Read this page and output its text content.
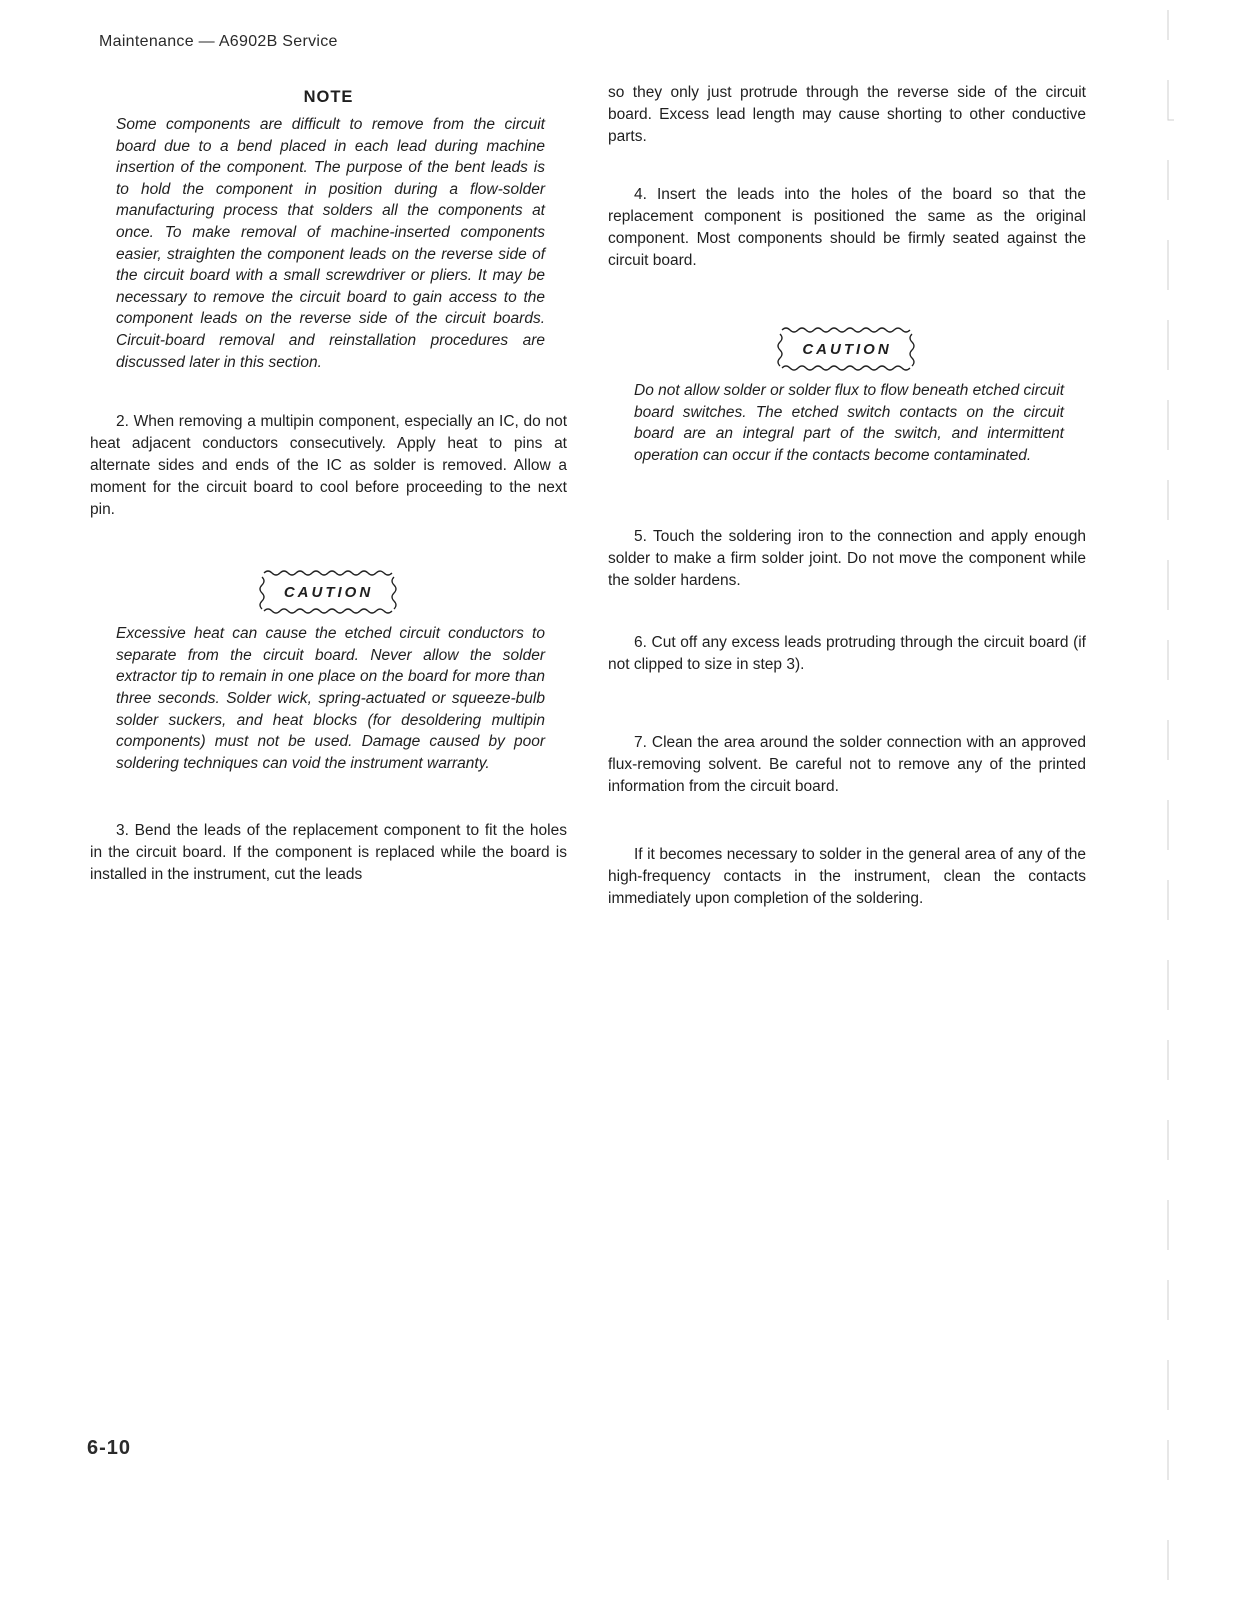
Maintenance — A6902B Service
NOTE

Some components are difficult to remove from the circuit board due to a bend placed in each lead during machine insertion of the component. The purpose of the bent leads is to hold the component in position during a flow-solder manufacturing process that solders all the components at once. To make removal of machine-inserted components easier, straighten the component leads on the reverse side of the circuit board with a small screwdriver or pliers. It may be necessary to remove the circuit board to gain access to the component leads on the reverse side of the circuit boards. Circuit-board removal and reinstallation procedures are discussed later in this section.

2. When removing a multipin component, especially an IC, do not heat adjacent conductors consecutively. Apply heat to pins at alternate sides and ends of the IC as solder is removed. Allow a moment for the circuit board to cool before proceeding to the next pin.

CAUTION

Excessive heat can cause the etched circuit conductors to separate from the circuit board. Never allow the solder extractor tip to remain in one place on the board for more than three seconds. Solder wick, spring-actuated or squeeze-bulb solder suckers, and heat blocks (for desoldering multipin components) must not be used. Damage caused by poor soldering techniques can void the instrument warranty.

3. Bend the leads of the replacement component to fit the holes in the circuit board. If the component is replaced while the board is installed in the instrument, cut the leads

so they only just protrude through the reverse side of the circuit board. Excess lead length may cause shorting to other conductive parts.

4. Insert the leads into the holes of the board so that the replacement component is positioned the same as the original component. Most components should be firmly seated against the circuit board.

CAUTION

Do not allow solder or solder flux to flow beneath etched circuit board switches. The etched switch contacts on the circuit board are an integral part of the switch, and intermittent operation can occur if the contacts become contaminated.

5. Touch the soldering iron to the connection and apply enough solder to make a firm solder joint. Do not move the component while the solder hardens.

6. Cut off any excess leads protruding through the circuit board (if not clipped to size in step 3).

7. Clean the area around the solder connection with an approved flux-removing solvent. Be careful not to remove any of the printed information from the circuit board.

If it becomes necessary to solder in the general area of any of the high-frequency contacts in the instrument, clean the contacts immediately upon completion of the soldering.

6-10
